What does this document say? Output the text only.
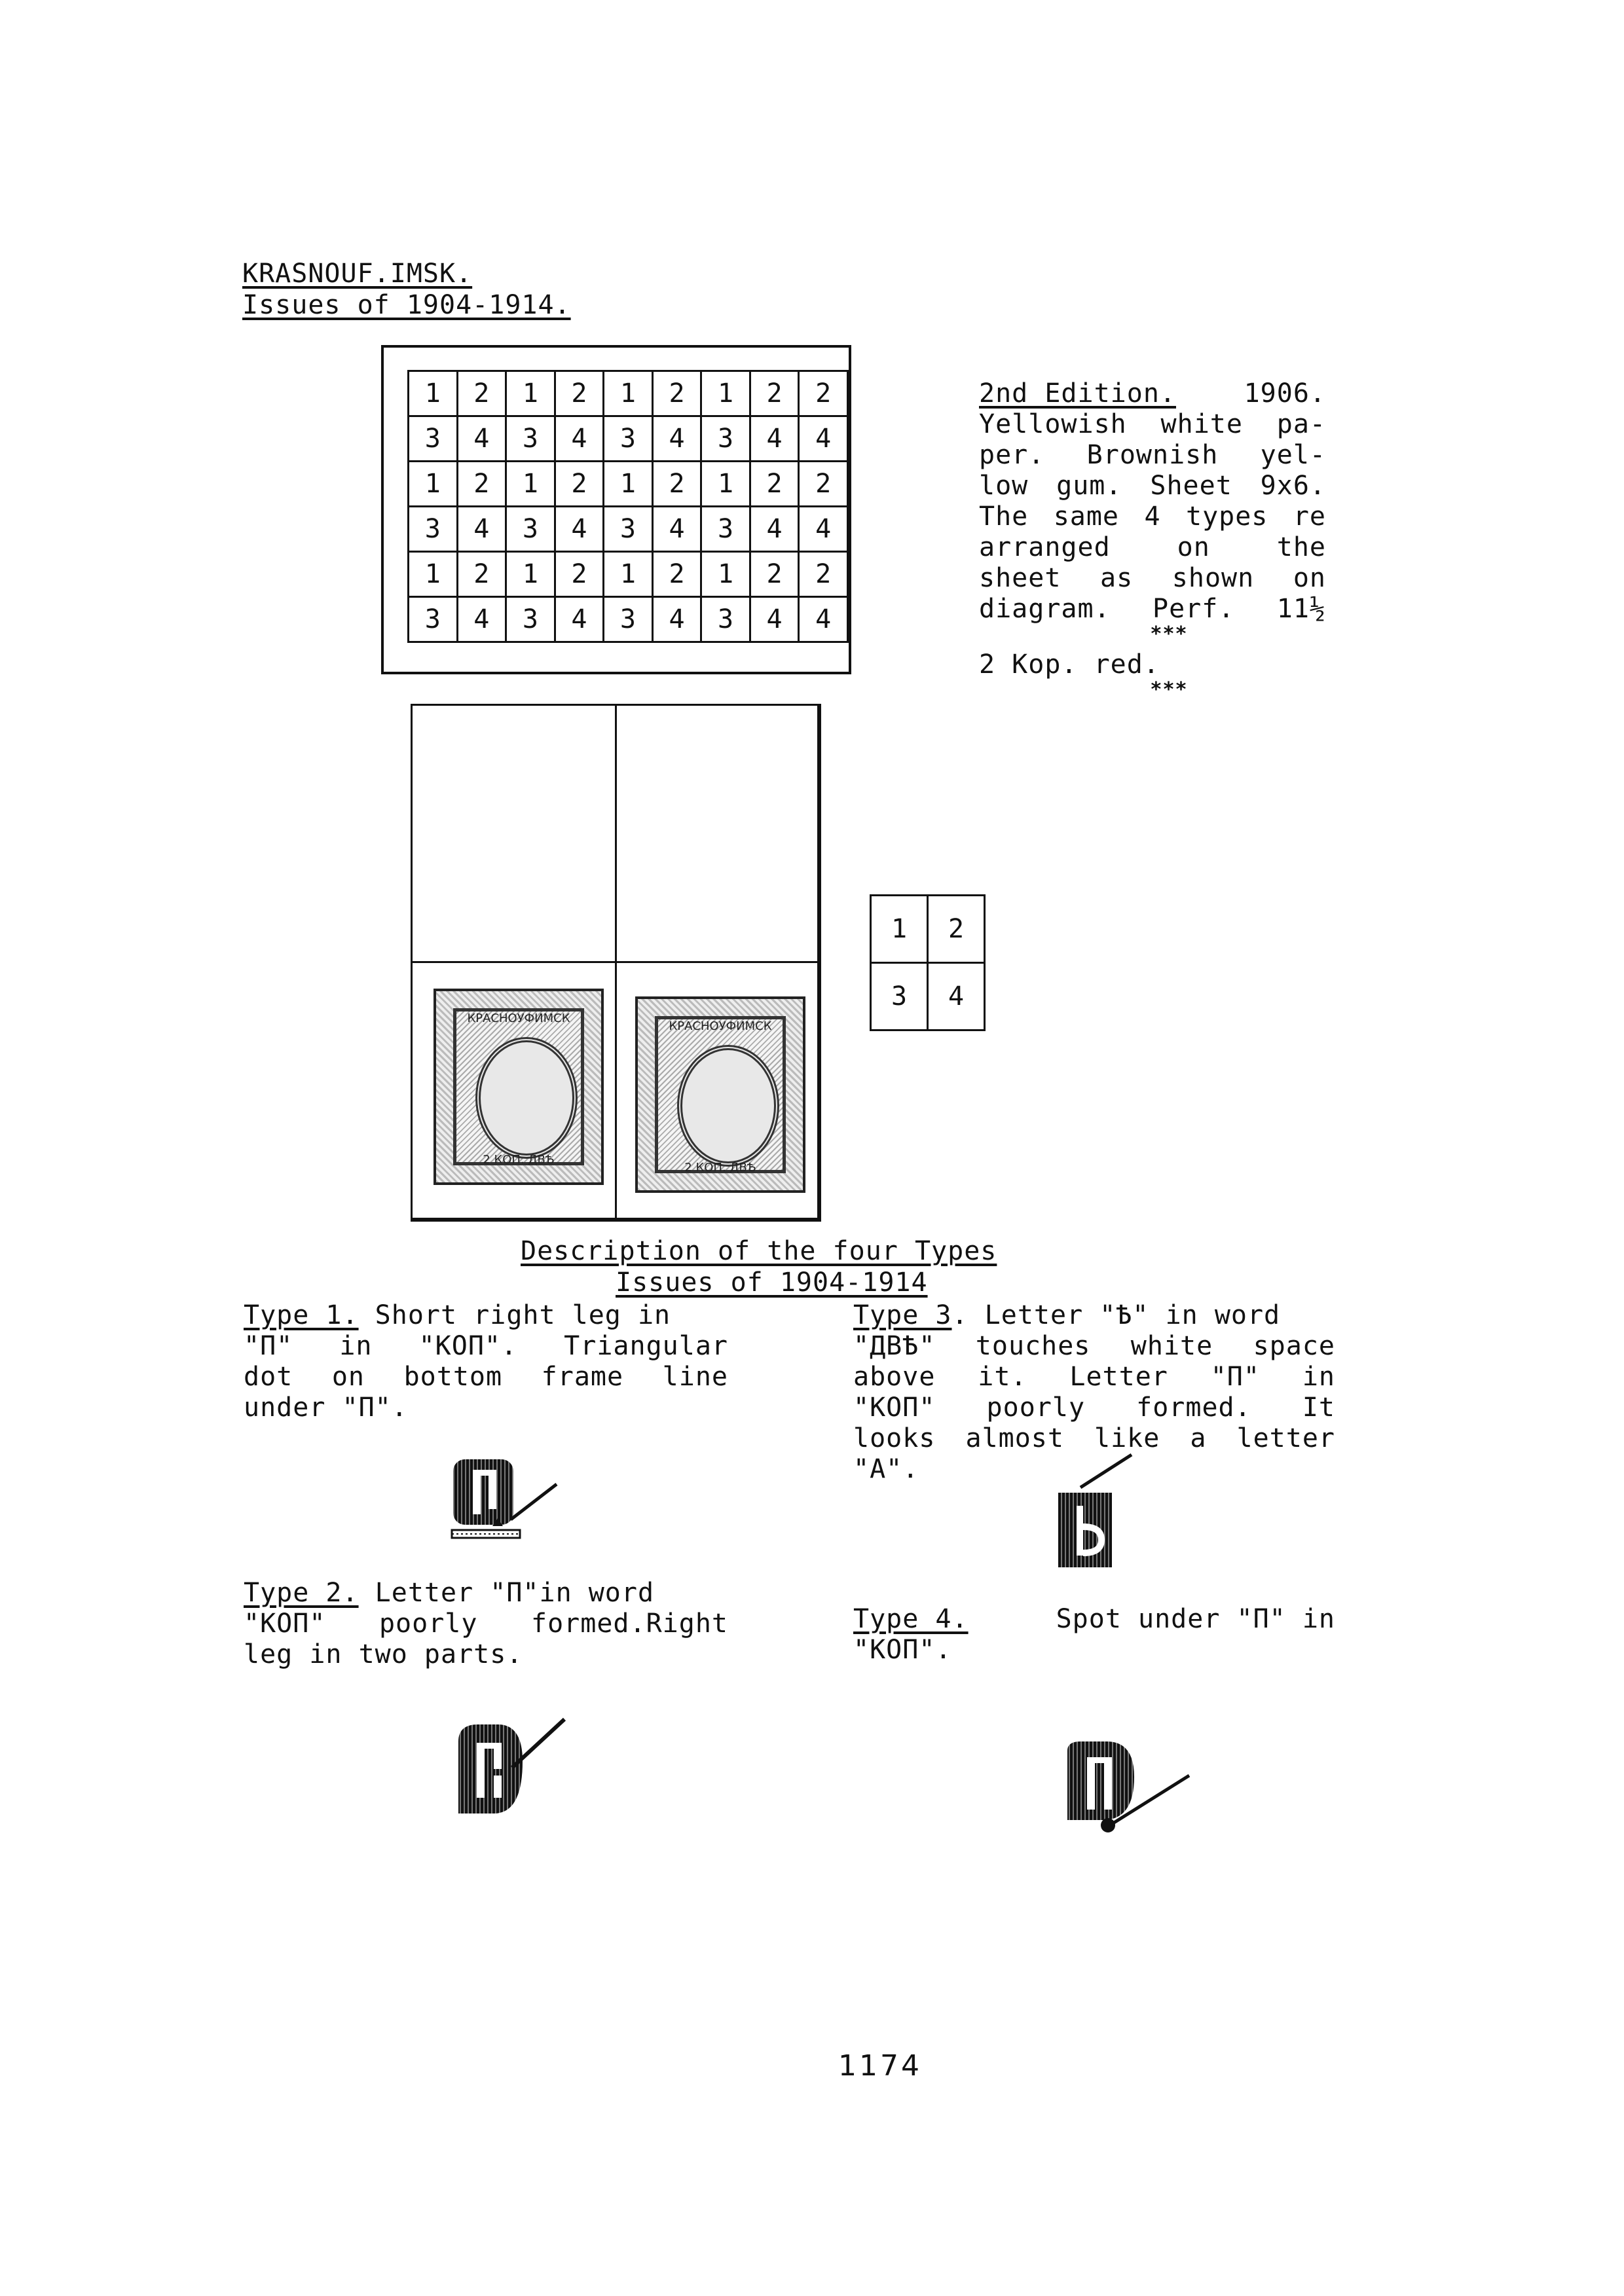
KRASNOUF.IMSK.
Issues of 1904-1914.
1	2	1	2	1	2	1	2	2
3	4	3	4	3	4	3	4	4
1	2	1	2	1	2	1	2	2
3	4	3	4	3	4	3	4	4
1	2	1	2	1	2	1	2	2
3	4	3	4	3	4	3	4	4
2nd Edition.	1906.
Yellowish white pa-
per. Brownish yel-
low gum. Sheet 9x6.
The same 4 types re
arranged on the
sheet as shown on
diagram. Perf. 11½
***
2 Kop. red.
***
КРАСНОУФИМСК
2 КОП. ДВѢ
КРАСНОУФИМСК
2 КОП. ДВѢ
1	2
3	4
Description of the four Types
Issues of 1904-1914
Type 1. Short right leg in
"П" in "КОП". Triangular
dot on bottom frame line
under "П".
Type 3. Letter "Ѣ" in word
"ДВѢ" touches white space
above it. Letter "П" in
"КОП" poorly formed. It
looks almost like a letter
"А".
Type 2. Letter "П"in word
"КОП" poorly formed.Right
leg in two parts.
Type 4.	Spot under "П" in
"КОП".
1174
